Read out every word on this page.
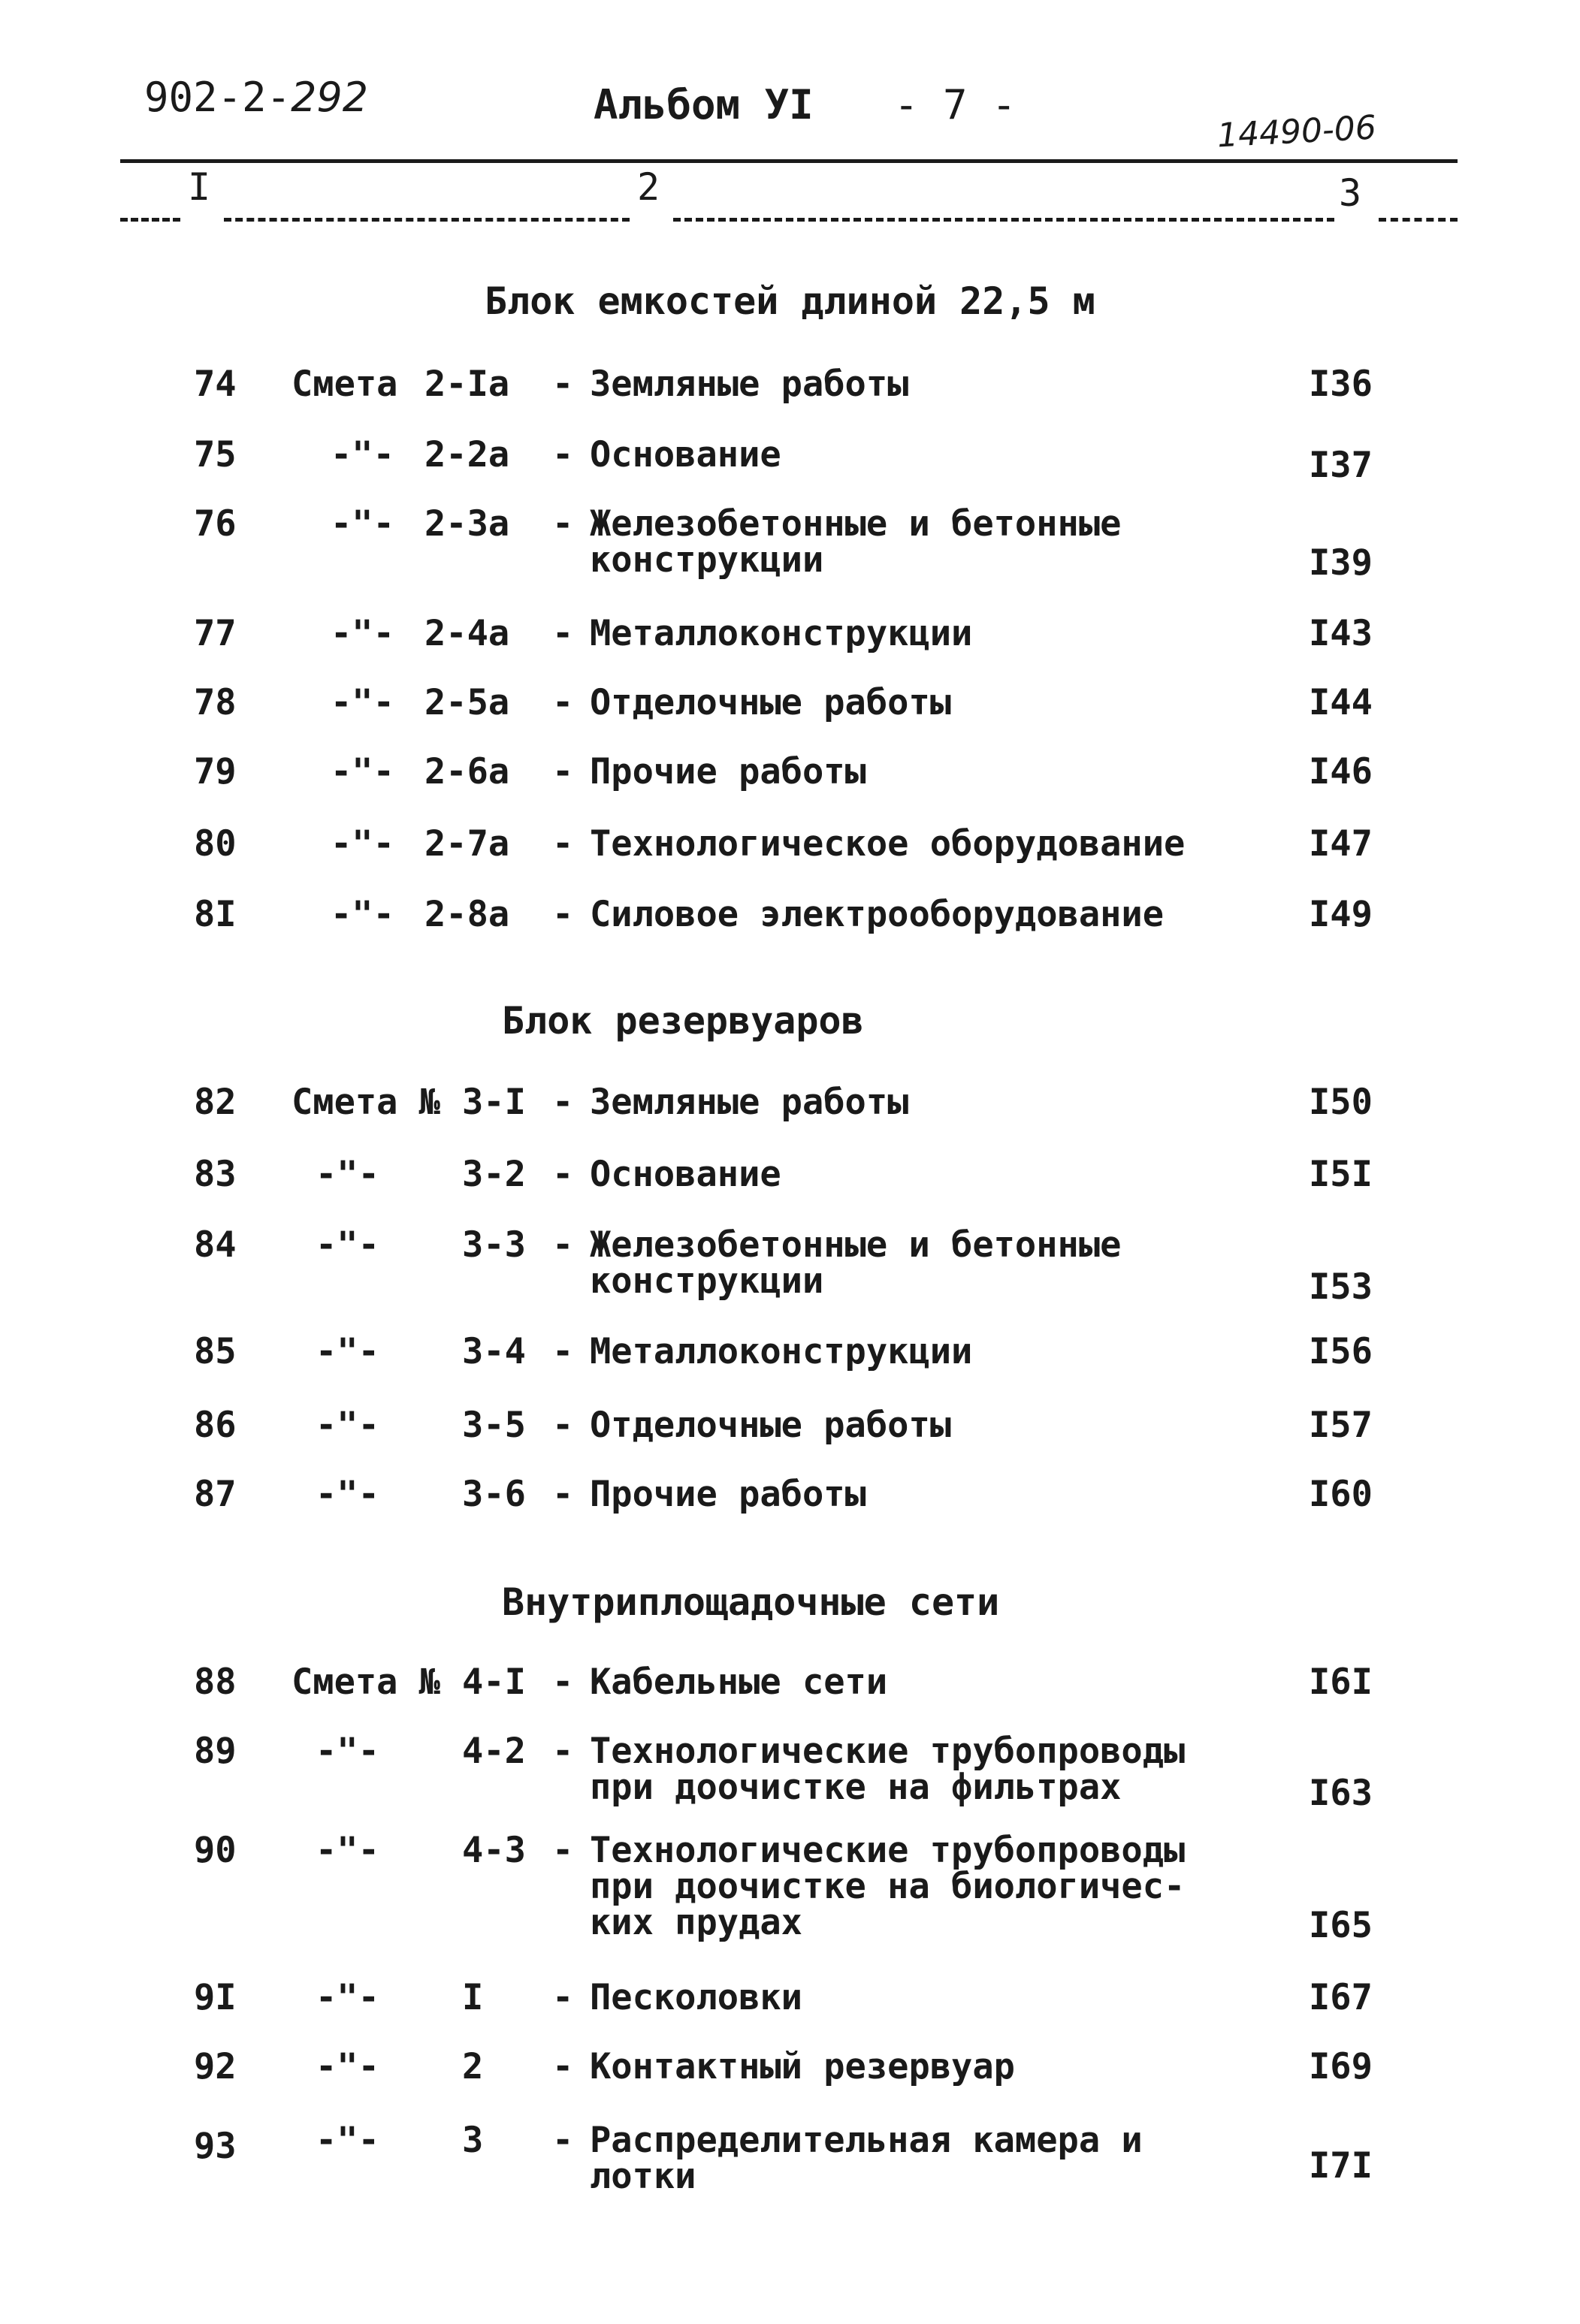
902-2-292	Альбом УI - 7 -
14490-06
I	2	3
Блок емкостей длиной 22,5 м
74 Смета 2-Iа - Земляные работы	I36
75	-"- 2-2а - Основание	I37
76	-"- 2-3а - Железобетонные и бетонные
конструкции	I39
77	-"- 2-4а - Металлоконструкции	I43
78	-"- 2-5а - Отделочные работы	I44
79	-"- 2-6а - Прочие работы	I46
80	-"- 2-7а - Технологическое оборудование	I47
8I	-"- 2-8а - Силовое электрооборудование	I49
Блок резервуаров
82 Смета № 3-I - Земляные работы	I50
83 -"- 3-2 - Основание	I5I
84 -"- 3-3 - Железобетонные и бетонные
конструкции	I53
85 -"- 3-4 - Металлоконструкции	I56
86 -"- 3-5 - Отделочные работы	I57
87 -"- 3-6 - Прочие работы	I60
Внутриплощадочные сети
88 Смета № 4-I - Кабельные сети	I6I
89 -"- 4-2 - Технологические трубопроводы
при доочистке на фильтрах	I63
90 -"- 4-3 - Технологические трубопроводы
при доочистке на биологичес-
ких прудах	I65
9I -"- I - Песколовки	I67
92 -"- 2 - Контактный резервуар	I69
93 -"- 3 - Распределительная камера и
лотки	I7I
